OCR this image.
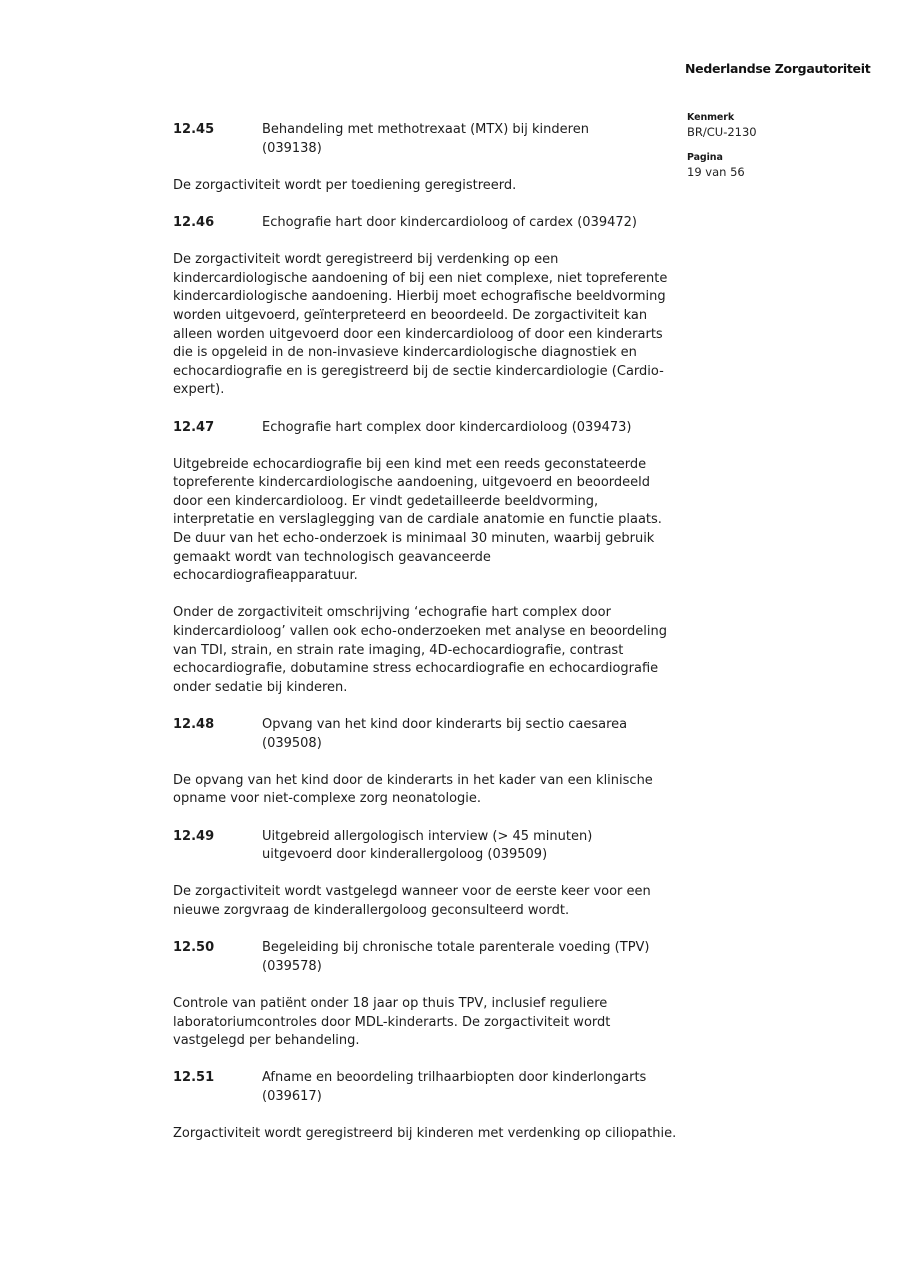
Nederlandse Zorgautoriteit
Kenmerk
BR/CU-2130
Pagina
19 van 56
12.45	Behandeling met methotrexaat (MTX) bij kinderen
(039138)

De zorgactiviteit wordt per toediening geregistreerd.

12.46	Echografie hart door kindercardioloog of cardex (039472)

De zorgactiviteit wordt geregistreerd bij verdenking op een kindercardiologische aandoening of bij een niet complexe, niet topreferente kindercardiologische aandoening. Hierbij moet echografische beeldvorming worden uitgevoerd, geïnterpreteerd en beoordeeld. De zorgactiviteit kan alleen worden uitgevoerd door een kindercardioloog of door een kinderarts die is opgeleid in de non-invasieve kindercardiologische diagnostiek en echocardiografie en is geregistreerd bij de sectie kindercardiologie (Cardio-expert).

12.47	Echografie hart complex door kindercardioloog (039473)

Uitgebreide echocardiografie bij een kind met een reeds geconstateerde topreferente kindercardiologische aandoening, uitgevoerd en beoordeeld door een kindercardioloog. Er vindt gedetailleerde beeldvorming, interpretatie en verslaglegging van de cardiale anatomie en functie plaats. De duur van het echo-onderzoek is minimaal 30 minuten, waarbij gebruik gemaakt wordt van technologisch geavanceerde echocardiografieapparatuur.

Onder de zorgactiviteit omschrijving ‘echografie hart complex door kindercardioloog’ vallen ook echo-onderzoeken met analyse en beoordeling van TDI, strain, en strain rate imaging, 4D-echocardiografie, contrast echocardiografie, dobutamine stress echocardiografie en echocardiografie onder sedatie bij kinderen.

12.48	Opvang van het kind door kinderarts bij sectio caesarea
(039508)

De opvang van het kind door de kinderarts in het kader van een klinische opname voor niet-complexe zorg neonatologie.

12.49	Uitgebreid allergologisch interview (> 45 minuten)
uitgevoerd door kinderallergoloog (039509)

De zorgactiviteit wordt vastgelegd wanneer voor de eerste keer voor een nieuwe zorgvraag de kinderallergoloog geconsulteerd wordt.

12.50	Begeleiding bij chronische totale parenterale voeding (TPV)
(039578)

Controle van patiënt onder 18 jaar op thuis TPV, inclusief reguliere laboratoriumcontroles door MDL-kinderarts. De zorgactiviteit wordt vastgelegd per behandeling.

12.51	Afname en beoordeling trilhaarbiopten door kinderlongarts
(039617)

Zorgactiviteit wordt geregistreerd bij kinderen met verdenking op ciliopathie.
